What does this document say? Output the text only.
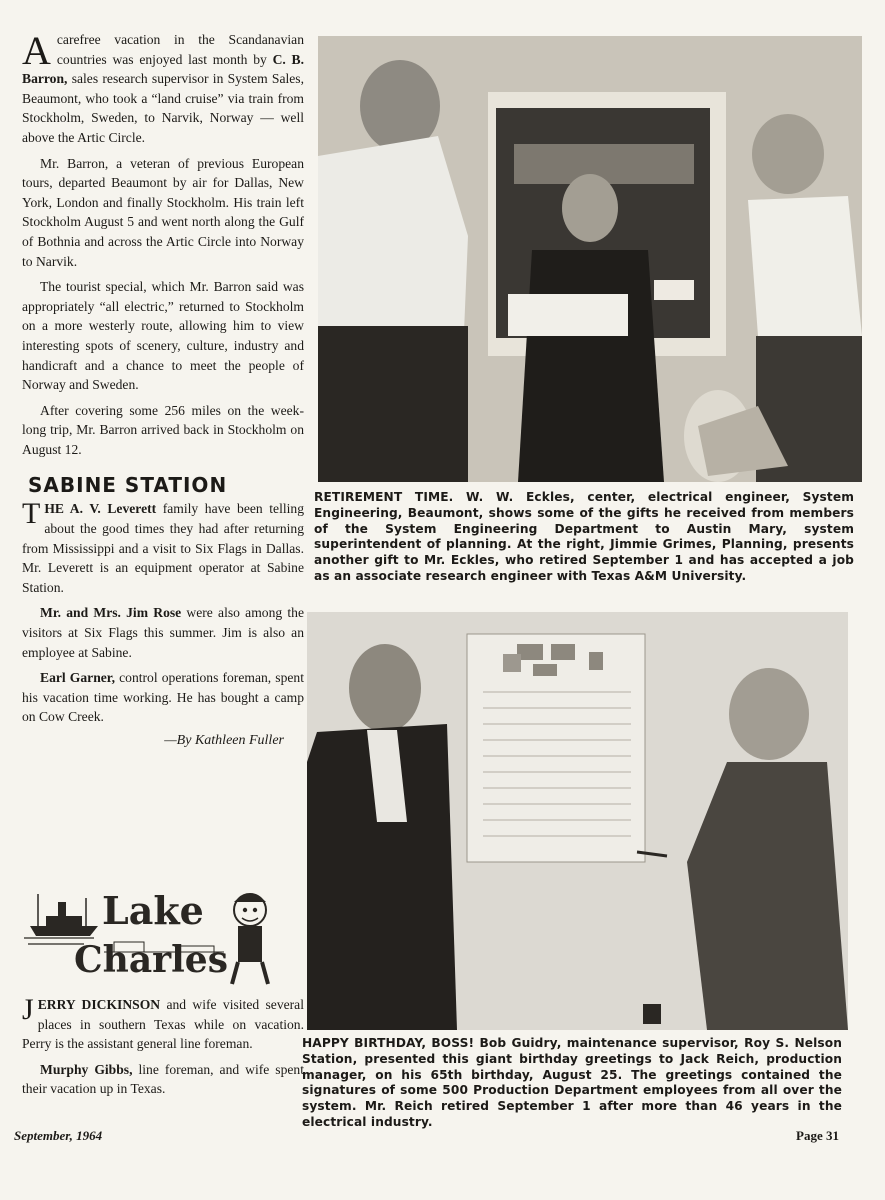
Acarefree vacation in the Scandanavian countries was enjoyed last month by C. B. Barron, sales research supervisor in System Sales, Beaumont, who took a “land cruise” via train from Stockholm, Sweden, to Narvik, Norway — well above the Artic Circle.

Mr. Barron, a veteran of previous European tours, departed Beaumont by air for Dallas, New York, London and finally Stockholm. His train left Stockholm August 5 and went north along the Gulf of Bothnia and across the Artic Circle into Norway to Narvik.

The tourist special, which Mr. Barron said was appropriately “all electric,” returned to Stockholm on a more westerly route, allowing him to view interesting spots of scenery, culture, industry and handicraft and a chance to meet the people of Norway and Sweden.

After covering some 256 miles on the week-long trip, Mr. Barron arrived back in Stockholm on August 12.

SABINE STATION

THE A. V. Leverett family have been telling about the good times they had after returning from Mississippi and a visit to Six Flags in Dallas. Mr. Leverett is an equipment operator at Sabine Station.

Mr. and Mrs. Jim Rose were also among the visitors at Six Flags this summer. Jim is also an employee at Sabine.

Earl Garner, control operations foreman, spent his vacation time working. He has bought a camp on Cow Creek.

—By Kathleen Fuller
Lake
Charles

JERRY DICKINSON and wife visited several places in southern Texas while on vacation. Perry is the assistant general line foreman.

Murphy Gibbs, line foreman, and wife spent their vacation up in Texas.

RETIREMENT TIME. W. W. Eckles, center, electrical engineer, System Engineering, Beaumont, shows some of the gifts he received from members of the System Engineering Department to Austin Mary, system superintendent of planning. At the right, Jimmie Grimes, Planning, presents another gift to Mr. Eckles, who retired September 1 and has accepted a job as an associate research engineer with Texas A&M University.
HAPPY BIRTHDAY, BOSS! Bob Guidry, maintenance supervisor, Roy S. Nelson Station, presented this giant birthday greetings to Jack Reich, production manager, on his 65th birthday, August 25. The greetings contained the signatures of some 500 Production Department employees from all over the system. Mr. Reich retired September 1 after more than 46 years in the electrical industry.
September, 1964	Page 31
